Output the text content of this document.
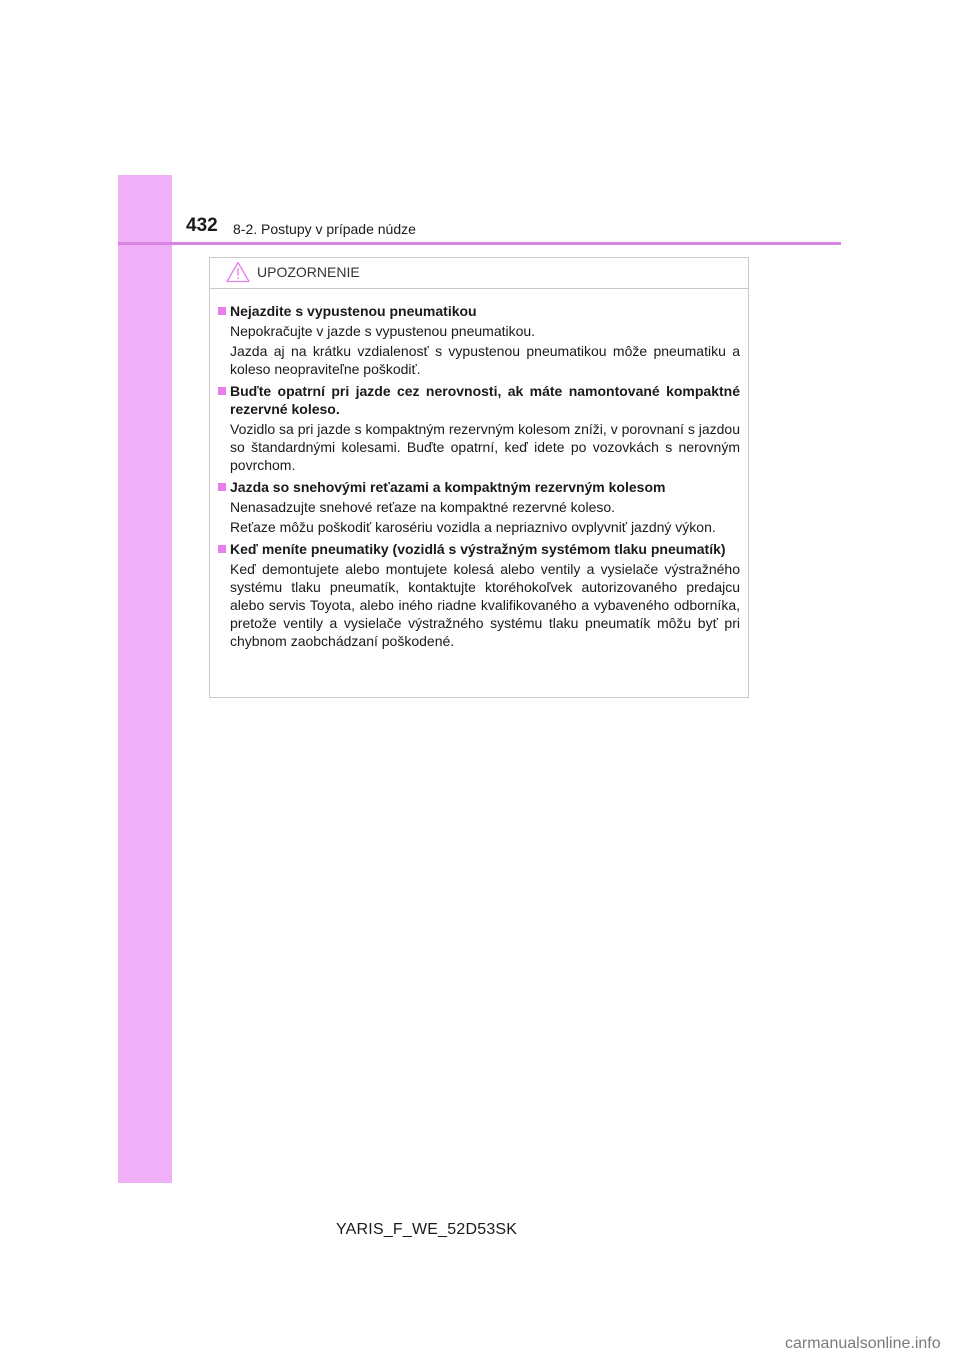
432 8-2. Postupy v prípade núdze
UPOZORNENIE
Nejazdite s vypustenou pneumatikou
Nepokračujte v jazde s vypustenou pneumatikou.
Jazda aj na krátku vzdialenosť s vypustenou pneumatikou môže pneumatiku a koleso neopraviteľne poškodiť.
Buďte opatrní pri jazde cez nerovnosti, ak máte namontované kompaktné rezervné koleso.
Vozidlo sa pri jazde s kompaktným rezervným kolesom zníži, v porovnaní s jazdou so štandardnými kolesami. Buďte opatrní, keď idete po vozovkách s nerovným povrchom.
Jazda so snehovými reťazami a kompaktným rezervným kolesom
Nenasadzujte snehové reťaze na kompaktné rezervné koleso.
Reťaze môžu poškodiť karosériu vozidla a nepriaznivo ovplyvniť jazdný výkon.
Keď meníte pneumatiky (vozidlá s výstražným systémom tlaku pneumatík)
Keď demontujete alebo montujete kolesá alebo ventily a vysielače výstražného systému tlaku pneumatík, kontaktujte ktoréhokoľvek autorizovaného predajcu alebo servis Toyota, alebo iného riadne kvalifikovaného a vybaveného odborníka, pretože ventily a vysielače výstražného systému tlaku pneumatík môžu byť pri chybnom zaobchádzaní poškodené.
YARIS_F_WE_52D53SK
carmanualsonline.info
